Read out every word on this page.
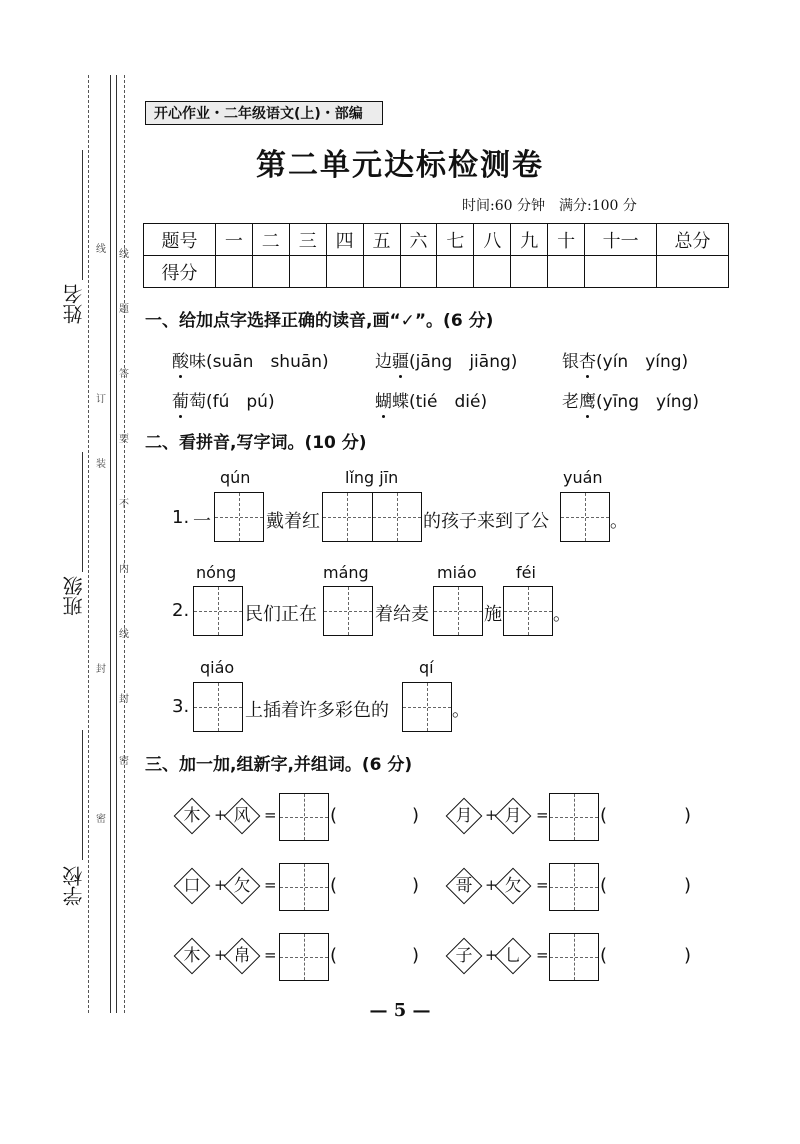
姓名
班级
学校
线
题
答
要
不
内
线
封
密
线
订
装
封
密
开心作业・二年级语文(上)・部编
第二单元达标检测卷
时间:60 分钟　满分:100 分
题号	一	二	三	四	五	六	七	八	九	十	十一	总分
得分												
一、给加点字选择正确的读音,画“✓”。(6 分)
酸味(suān　shuān)	边疆(jāng　jiāng)	银杏(yín　yíng)
葡萄(fú　pú)	蝴蝶(tié　dié)	老鹰(yīng　yíng)
二、看拼音,写字词。(10 分)
1. 一
qún
戴着红
lǐng jīn
的孩子来到了公
yuán
。
2.
nóng
民们正在
máng
着给麦
miáo
施
féi
。
3.
qiáo
上插着许多彩色的
qí
。
三、加一加,组新字,并组词。(6 分)
木 + 风 =	(	)	月 + 月 =	(	)
口 + 欠 =	(	)	哥 + 欠 =	(	)
木 + 帛 =	(	)	子 + 乚 =	(	)
— 5 —
